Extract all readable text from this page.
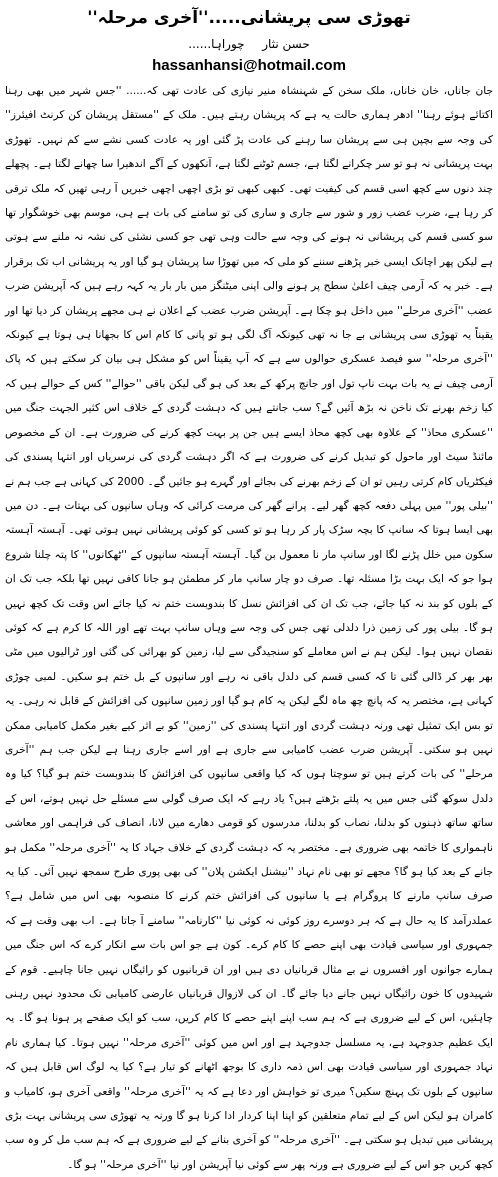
تھوڑی سی پریشانی.....''آخری مرحلہ''
حسن نثار  چوراہا......
hassanhansi@hotmail.com
جان جاناں، خان خاناں، ملک سخن کے شہنشاہ منیر نیازی کی عادت تھی کہ...... ''جس شہر میں بھی رہنا اکتائے ہوئے رہنا'' ادھر ہماری حالت یہ ہے کہ پریشان رہتے ہیں۔ ملک کے ''مستقل پریشان کن کرنٹ افیئرز'' کی وجہ سے بچپن ہی سے پریشان سا رہنے کی عادت پڑ گئی اور یہ عادت کسی نشے سے کم نہیں۔ تھوڑی بہت پریشانی نہ ہو تو سر چکرانے لگتا ہے، جسم ٹوٹنے لگتا ہے، آنکھوں کے آگے اندھیرا سا چھانے لگتا ہے۔ پچھلے چند دنوں سے کچھ اسی قسم کی کیفیت تھی۔ کبھی کبھی تو بڑی اچھی اچھی خبریں آ رہی تھیں کہ ملک ترقی کر رہا ہے، ضرب عضب زور و شور سے جاری و ساری کی تو سامنے کی بات ہے ہی، موسم بھی خوشگوار تھا سو کسی قسم کی پریشانی نہ ہونے کی وجہ سے حالت وہی تھی جو کسی نشئی کی نشہ نہ ملنے سے ہوتی ہے لیکن پھر اچانک ایسی خبر پڑھنے سننے کو ملی کہ میں تھوڑا سا پریشان ہو گیا اور یہ پریشانی اب تک برقرار ہے۔ خبر یہ کہ آرمی چیف اعلیٰ سطح پر ہونے والی اپنی میٹنگز میں بار بار یہ کہہ رہے ہیں کہ آپریشن ضرب عضب ''آخری مرحلے'' میں داخل ہو چکا ہے۔ آپریشن ضرب عضب کے اعلان نے ہی مجھے پریشان کر دیا تھا اور یقیناً یہ تھوڑی سی پریشانی بے جا نہ تھی کیونکہ آگ لگی ہو تو پانی کا کام اس کا بجھانا ہی ہوتا ہے کیونکہ ''آخری مرحلہ'' سو فیصد عسکری حوالوں سے ہے کہ آپ یقیناً اس کو مشکل ہی بیان کر سکتے ہیں کہ پاک آرمی چیف نے یہ بات بہت ناپ تول اور جانچ پرکھ کے بعد کی ہو گی لیکن باقی ''حوالے'' کس کے حوالے ہیں کہ کیا زخم بھرنے تک ناخن نہ بڑھ آئیں گے؟ سب جانتے ہیں کہ دہشت گردی کے خلاف اس کثیر الجہت جنگ میں ''عسکری محاذ'' کے علاوہ بھی کچھ محاذ ایسے ہیں جن پر بہت کچھ کرنے کی ضرورت ہے۔ ان کے مخصوص مائنڈ سیٹ اور ماحول کو تبدیل کرنے کی ضرورت ہے کہ اگر دہشت گردی کی نرسریاں اور انتہا پسندی کی فیکٹریاں کام کرتی رہیں تو ان کے زخم بھرنے کی بجائے اور گہرے ہو جائیں گے۔ 2000 کی کہانی ہے جب ہم نے ''بیلی پور'' میں پہلی دفعہ کچھ گھر لیے۔ پرانے گھر کی مرمت کرائی کہ وہاں سانپوں کی بہتات ہے۔ دن میں بھی ایسا ہوتا کہ سانپ کا بچہ سڑک پار کر رہا ہو تو کسی کو کوئی پریشانی نہیں ہوتی تھی۔ آہستہ آہستہ سکون میں خلل پڑنے لگا اور سانپ مار نا معمول بن گیا۔ آہستہ آہستہ سانپوں کے ''ٹھکانوں'' کا پتہ چلنا شروع ہوا جو کہ ایک بہت بڑا مسئلہ تھا۔ صرف دو چار سانپ مار کر مطمئن ہو جانا کافی نہیں تھا بلکہ جب تک ان کے بلوں کو بند نہ کیا جائے، جب تک ان کی افزائش نسل کا بندوبست ختم نہ کیا جائے اس وقت تک کچھ نہیں ہو گا۔ بیلی پور کی زمین ذرا دلدلی تھی جس کی وجہ سے وہاں سانپ بہت تھے اور اللہ کا کرم ہے کہ کوئی نقصان نہیں ہوا۔ لیکن ہم نے اس معاملے کو سنجیدگی سے لیا، زمین کو بھرائی کی گئی اور ٹرالیوں میں مٹی بھر بھر کر ڈالی گئی تا کہ کسی قسم کی دلدل باقی نہ رہے اور سانپوں کے بل ختم ہو سکیں۔ لمبی چوڑی کہانی ہے، مختصر یہ کہ پانچ چھ ماہ لگے لیکن یہ کام ہو گیا اور زمین سانپوں کی افزائش کے قابل نہ رہی۔ یہ تو بس ایک تمثیل تھی ورنہ دہشت گردی اور انتہا پسندی کی ''زمین'' کو بے اثر کیے بغیر مکمل کامیابی ممکن نہیں ہو سکتی۔ آپریشن ضرب عضب کامیابی سے جاری ہے اور اسے جاری رہنا ہے لیکن جب ہم ''آخری مرحلے'' کی بات کرتے ہیں تو سوچتا ہوں کہ کیا واقعی سانپوں کی افزائش کا بندوبست ختم ہو گیا؟ کیا وہ دلدل سوکھ گئی جس میں یہ پلتے بڑھتے ہیں؟ یاد رہے کہ ایک صرف گولی سے مسئلے حل نہیں ہوتے، اس کے ساتھ ساتھ ذہنوں کو بدلنا، نصاب کو بدلنا، مدرسوں کو قومی دھارے میں لانا، انصاف کی فراہمی اور معاشی ناہمواری کا خاتمہ بھی ضروری ہے۔ مختصر یہ کہ دہشت گردی کے خلاف جہاد کا یہ ''آخری مرحلہ'' مکمل ہو جانے کے بعد کیا ہو گا؟ مجھے تو بھی نام نہاد ''نیشنل ایکشن پلان'' کی بھی پوری طرح سمجھ نہیں آئی۔ کیا یہ صرف سانپ مارنے کا پروگرام ہے یا سانپوں کی افزائش ختم کرنے کا منصوبہ بھی اس میں شامل ہے؟ عملدرآمد کا یہ حال ہے کہ ہر دوسرے روز کوئی نہ کوئی نیا ''کارنامہ'' سامنے آ جاتا ہے۔ اب بھی وقت ہے کہ جمہوری اور سیاسی قیادت بھی اپنے حصے کا کام کرے۔ کون ہے جو اس بات سے انکار کرے کہ اس جنگ میں ہمارے جوانوں اور افسروں نے بے مثال قربانیاں دی ہیں اور ان قربانیوں کو رائیگاں نہیں جانا چاہیے۔ قوم کے شہیدوں کا خون رائیگاں نہیں جانے دیا جائے گا۔ ان کی لازوال قربانیاں عارضی کامیابی تک محدود نہیں رہنی چاہئیں، اس کے لیے ضروری ہے کہ ہم سب اپنے اپنے حصے کا کام کریں، سب کو ایک صفحے پر ہونا ہو گا۔ یہ ایک عظیم جدوجہد ہے، یہ مسلسل جدوجہد ہے اور اس میں کوئی ''آخری مرحلہ'' نہیں ہوتا۔ کیا ہماری نام نہاد جمہوری اور سیاسی قیادت بھی اس ذمہ داری کا بوجھ اٹھانے کو تیار ہے؟ کیا یہ لوگ اس قابل ہیں کہ سانپوں کے بلوں تک پہنچ سکیں؟ میری تو خواہش اور دعا ہے کہ یہ ''آخری مرحلہ'' واقعی آخری ہو، کامیاب و کامران ہو لیکن اس کے لیے تمام متعلقین کو اپنا اپنا کردار ادا کرنا ہو گا ورنہ یہ تھوڑی سی پریشانی بہت بڑی پریشانی میں تبدیل ہو سکتی ہے۔ ''آخری مرحلہ'' کو آخری بنانے کے لیے ضروری ہے کہ ہم سب مل کر وہ سب کچھ کریں جو اس کے لیے ضروری ہے ورنہ پھر سے کوئی نیا آپریشن اور نیا ''آخری مرحلہ'' ہو گا۔
